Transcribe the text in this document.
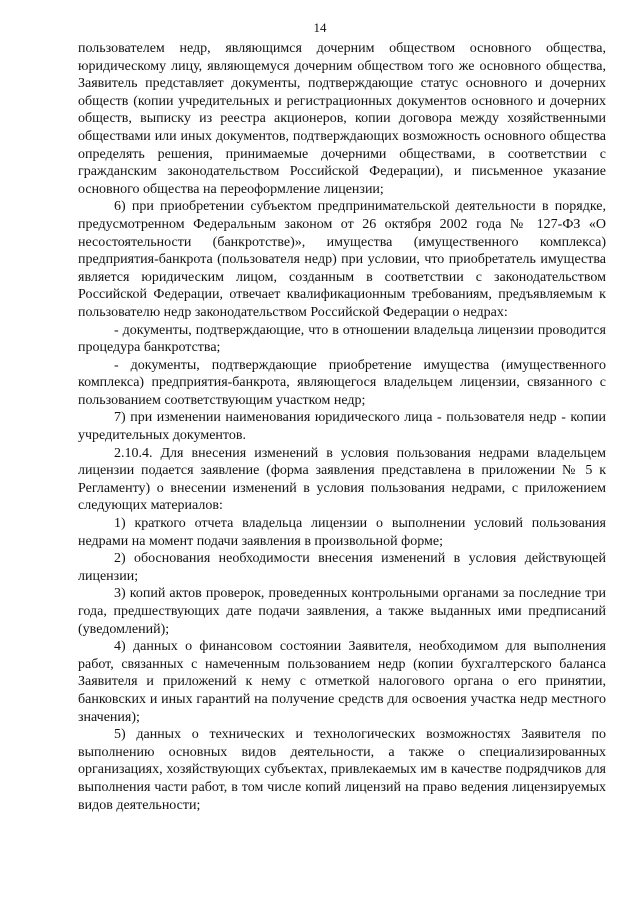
14

пользователем недр, являющимся дочерним обществом основного общества, юридическому лицу, являющемуся дочерним обществом того же основного общества, Заявитель представляет документы, подтверждающие статус основного и дочерних обществ (копии учредительных и регистрационных документов основного и дочерних обществ, выписку из реестра акционеров, копии договора между хозяйственными обществами или иных документов, подтверждающих возможность основного общества определять решения, принимаемые дочерними обществами, в соответствии с гражданским законодательством Российской Федерации), и письменное указание основного общества на переоформление лицензии;

6) при приобретении субъектом предпринимательской деятельности в порядке, предусмотренном Федеральным законом от 26 октября 2002 года № 127-ФЗ «О несостоятельности (банкротстве)», имущества (имущественного комплекса) предприятия-банкрота (пользователя недр) при условии, что приобретатель имущества является юридическим лицом, созданным в соответствии с законодательством Российской Федерации, отвечает квалификационным требованиям, предъявляемым к пользователю недр законодательством Российской Федерации о недрах:

- документы, подтверждающие, что в отношении владельца лицензии проводится процедура банкротства;

- документы, подтверждающие приобретение имущества (имущественного комплекса) предприятия-банкрота, являющегося владельцем лицензии, связанного с пользованием соответствующим участком недр;

7) при изменении наименования юридического лица - пользователя недр - копии учредительных документов.

2.10.4. Для внесения изменений в условия пользования недрами владельцем лицензии подается заявление (форма заявления представлена в приложении № 5 к Регламенту) о внесении изменений в условия пользования недрами, с приложением следующих материалов:

1) краткого отчета владельца лицензии о выполнении условий пользования недрами на момент подачи заявления в произвольной форме;

2) обоснования необходимости внесения изменений в условия действующей лицензии;

3) копий актов проверок, проведенных контрольными органами за последние три года, предшествующих дате подачи заявления, а также выданных ими предписаний (уведомлений);

4) данных о финансовом состоянии Заявителя, необходимом для выполнения работ, связанных с намеченным пользованием недр (копии бухгалтерского баланса Заявителя и приложений к нему с отметкой налогового органа о его принятии, банковских и иных гарантий на получение средств для освоения участка недр местного значения);

5) данных о технических и технологических возможностях Заявителя по выполнению основных видов деятельности, а также о специализированных организациях, хозяйствующих субъектах, привлекаемых им в качестве подрядчиков для выполнения части работ, в том числе копий лицензий на право ведения лицензируемых видов деятельности;
